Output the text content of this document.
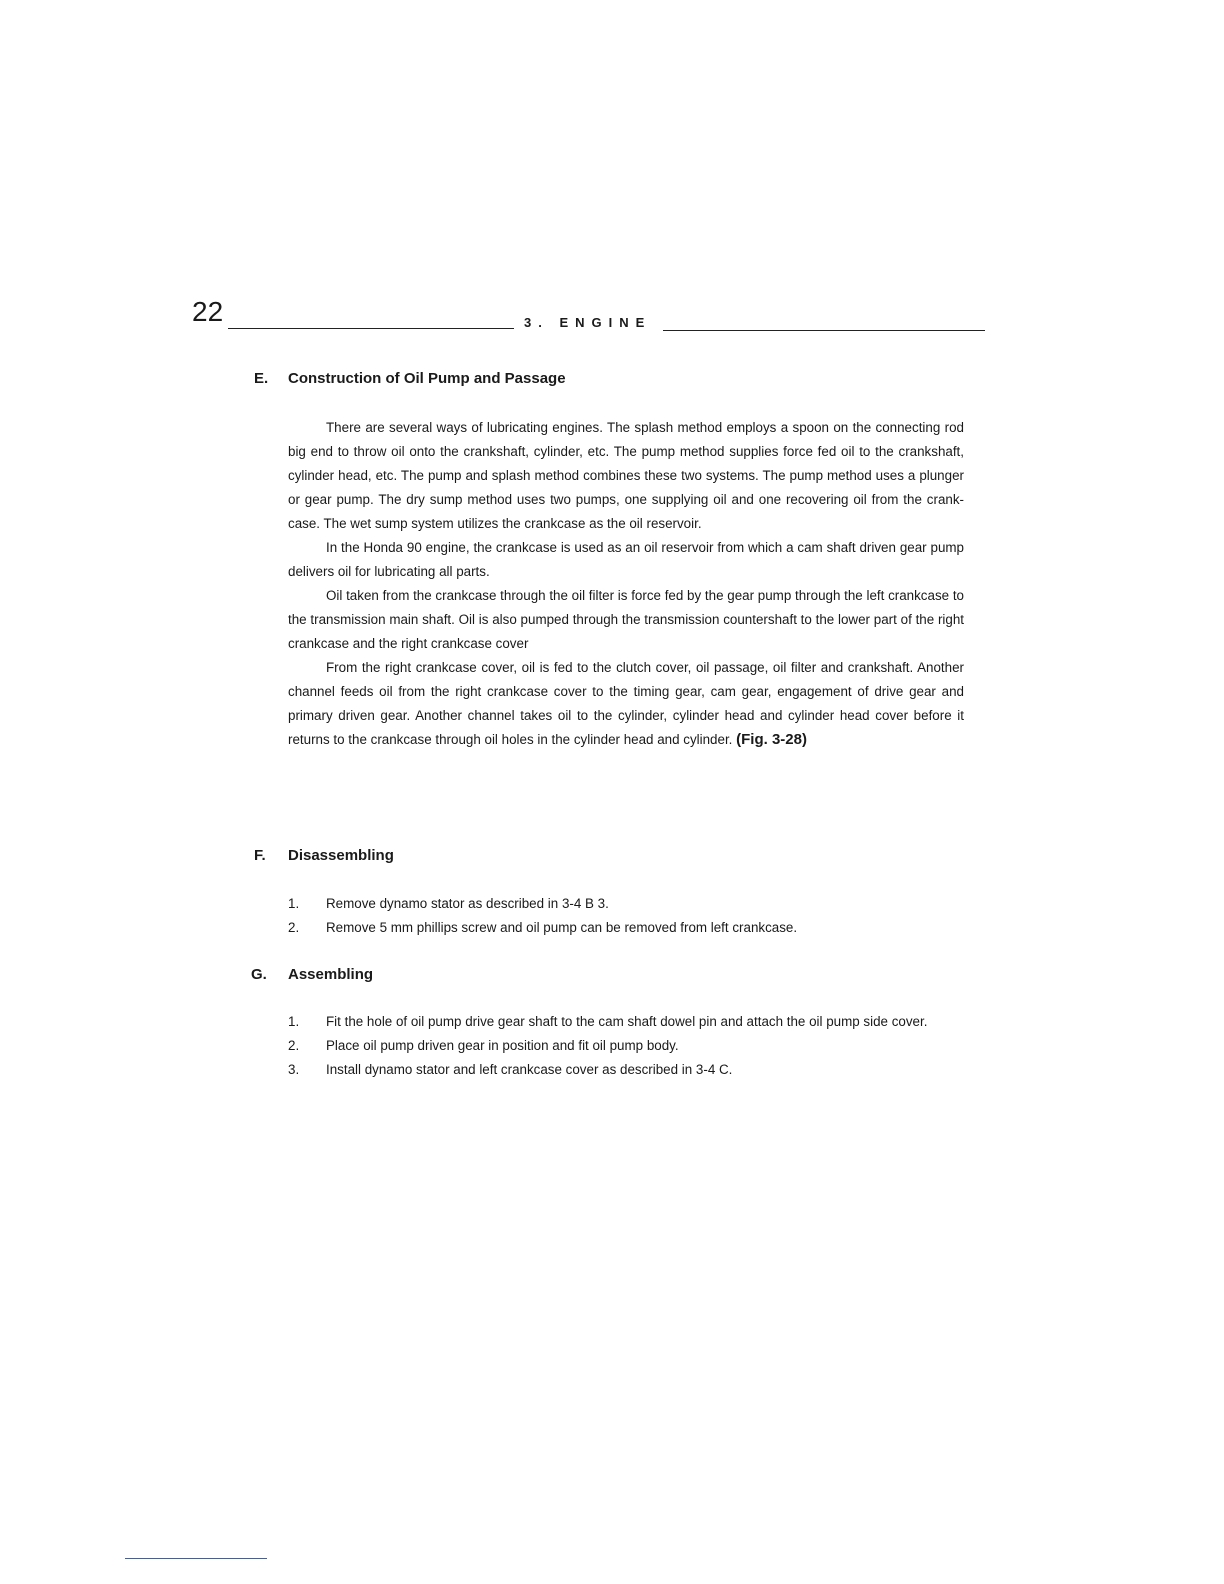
22	3. ENGINE
E. Construction of Oil Pump and Passage

There are several ways of lubricating engines. The splash method employs a spoon on the connecting rod big end to throw oil onto the crankshaft, cylinder, etc. The pump method supplies force fed oil to the crankshaft, cylinder head, etc. The pump and splash method combines these two systems. The pump method uses a plunger or gear pump. The dry sump method uses two pumps, one supplying oil and one recovering oil from the crank-case. The wet sump system utilizes the crankcase as the oil reservoir.

In the Honda 90 engine, the crankcase is used as an oil reservoir from which a cam shaft driven gear pump delivers oil for lubricating all parts.

Oil taken from the crankcase through the oil filter is force fed by the gear pump through the left crankcase to the transmission main shaft. Oil is also pumped through the transmission countershaft to the lower part of the right crankcase and the right crankcase cover

From the right crankcase cover, oil is fed to the clutch cover, oil passage, oil filter and crankshaft. Another channel feeds oil from the right crankcase cover to the timing gear, cam gear, engagement of drive gear and primary driven gear. Another channel takes oil to the cylinder, cylinder head and cylinder head cover before it returns to the crankcase through oil holes in the cylinder head and cylinder. (Fig. 3-28)

F. Disassembling
1. Remove dynamo stator as described in 3-4 B 3.
2. Remove 5 mm phillips screw and oil pump can be removed from left crankcase.
G. Assembling
1. Fit the hole of oil pump drive gear shaft to the cam shaft dowel pin and attach the oil pump side cover.
2. Place oil pump driven gear in position and fit oil pump body.
3. Install dynamo stator and left crankcase cover as described in 3-4 C.
